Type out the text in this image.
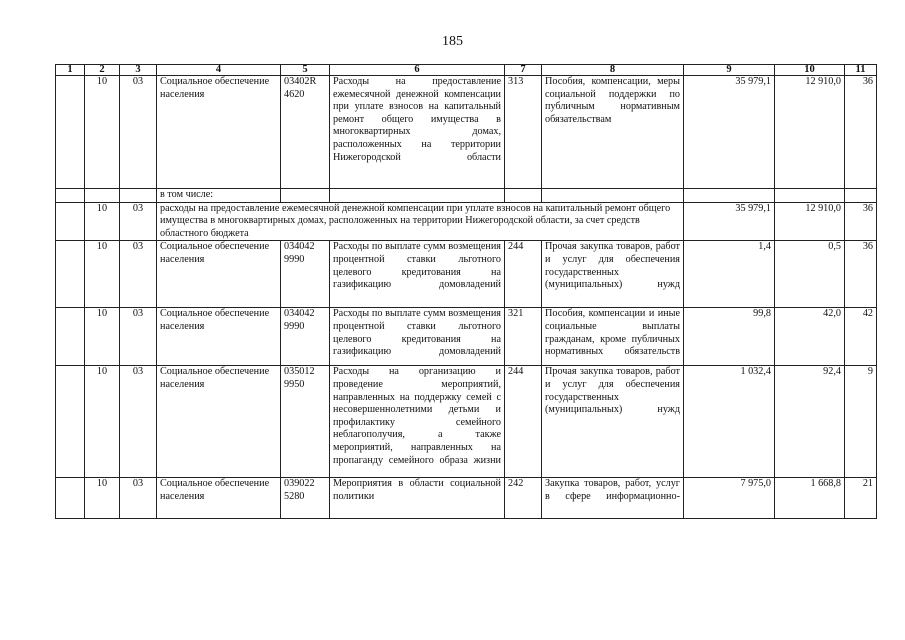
185
1	2	3	4	5	6	7	8	9	10	11
	10	03	Социальное обеспечение населения	03402R 4620	Расходы на предоставление ежемесячной денежной компенсации при уплате взносов на капитальный ремонт общего имущества в многоквартирных домах, расположенных на территории Нижегородской области	313	Пособия, компенсации, меры социальной поддержки по публичным нормативным обязательствам	35 979,1	12 910,0	36
			в том числе:							
	10	03	расходы на предоставление ежемесячной денежной компенсации при уплате взносов на капитальный ремонт общего имущества в многоквартирных домах, расположенных на территории Нижегородской области, за счет средств областного бюджета					35 979,1	12 910,0	36
	10	03	Социальное обеспечение населения	034042 9990	Расходы по выплате сумм возмещения процентной ставки льготного целевого кредитования на газификацию домовладений	244	Прочая закупка товаров, работ и услуг для обеспечения государственных (муниципальных) нужд	1,4	0,5	36
	10	03	Социальное обеспечение населения	034042 9990	Расходы по выплате сумм возмещения процентной ставки льготного целевого кредитования на газификацию домовладений	321	Пособия, компенсации и иные социальные выплаты гражданам, кроме публичных нормативных обязательств	99,8	42,0	42
	10	03	Социальное обеспечение населения	035012 9950	Расходы на организацию и проведение мероприятий, направленных на поддержку семей с несовершеннолетними детьми и профилактику семейного неблагополучия, а также мероприятий, направленных на пропаганду семейного образа жизни	244	Прочая закупка товаров, работ и услуг для обеспечения государственных (муниципальных) нужд	1 032,4	92,4	9
	10	03	Социальное обеспечение населения	039022 5280	Мероприятия в области социальной политики	242	Закупка товаров, работ, услуг в сфере информационно-	7 975,0	1 668,8	21
